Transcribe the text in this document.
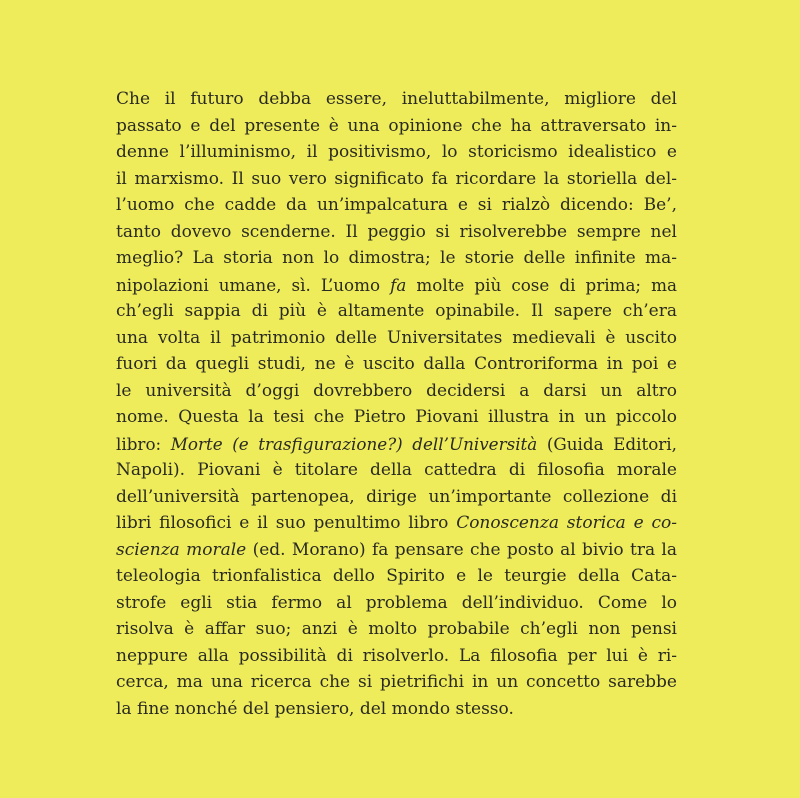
Che il futuro debba essere, ineluttabilmente, migliore del
passato e del presente è una opinione che ha attraversato in-
denne l’illuminismo, il positivismo, lo storicismo idealistico e
il marxismo. Il suo vero significato fa ricordare la storiella del-
l’uomo che cadde da un’impalcatura e si rialzò dicendo: Be’,
tanto dovevo scenderne. Il peggio si risolverebbe sempre nel
meglio? La storia non lo dimostra; le storie delle infinite ma-
nipolazioni umane, sì. L’uomo fa molte più cose di prima; ma
ch’egli sappia di più è altamente opinabile. Il sapere ch’era
una volta il patrimonio delle Universitates medievali è uscito
fuori da quegli studi, ne è uscito dalla Controriforma in poi e
le università d’oggi dovrebbero decidersi a darsi un altro
nome. Questa la tesi che Pietro Piovani illustra in un piccolo
libro: Morte (e trasfigurazione?) dell’Università (Guida Editori,
Napoli). Piovani è titolare della cattedra di filosofia morale
dell’università partenopea, dirige un’importante collezione di
libri filosofici e il suo penultimo libro Conoscenza storica e co-
scienza morale (ed. Morano) fa pensare che posto al bivio tra la
teleologia trionfalistica dello Spirito e le teurgie della Cata-
strofe egli stia fermo al problema dell’individuo. Come lo
risolva è affar suo; anzi è molto probabile ch’egli non pensi
neppure alla possibilità di risolverlo. La filosofia per lui è ri-
cerca, ma una ricerca che si pietrifichi in un concetto sarebbe
la fine nonché del pensiero, del mondo stesso.
